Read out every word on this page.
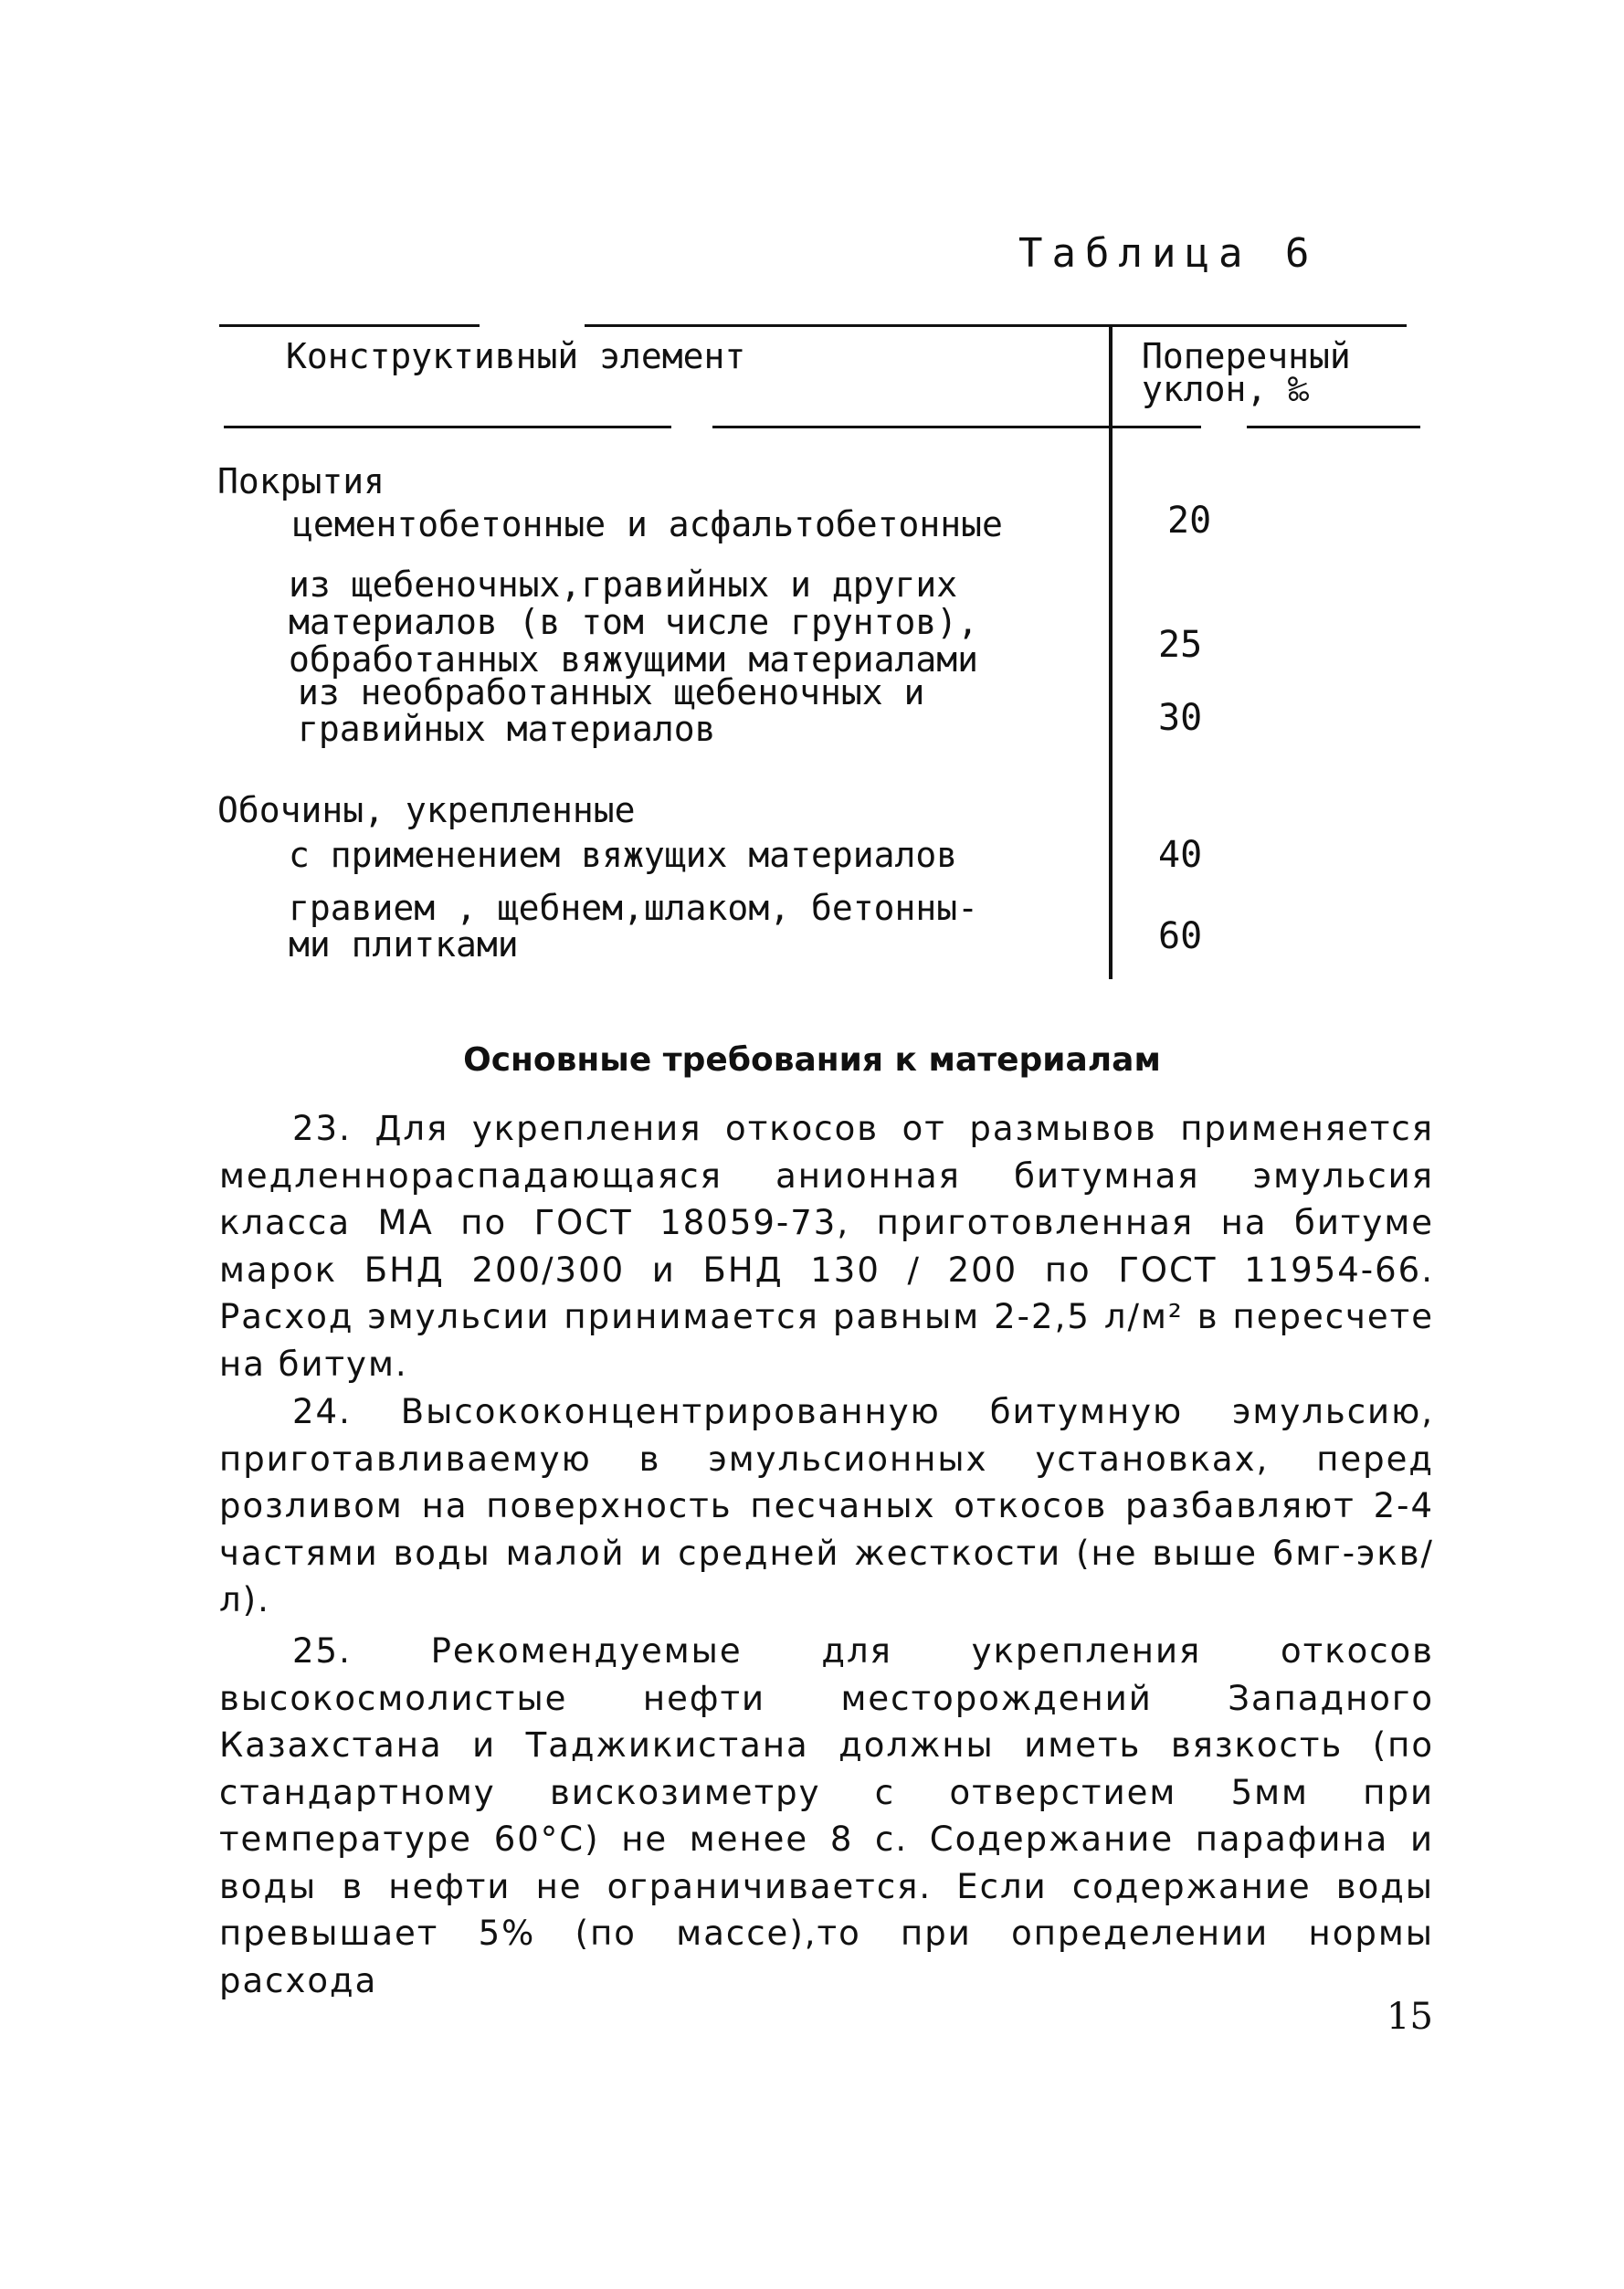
Таблица 6
Конструктивный элемент	Поперечный
уклон, ‰
Покрытия
цементобетонные и асфальтобетонные	20
из щебеночных,гравийных и других
материалов (в том числе грунтов),
обработанных вяжущими материалами	25
из необработанных щебеночных и
гравийных материалов	30
Обочины, укрепленные
с применением вяжущих материалов	40
гравием , щебнем,шлаком, бетонны-
ми плитками	60
Основные требования к материалам

23. Для укрепления откосов от размывов применяется медленнораспадающаяся анионная битумная эмульсия класса МА по ГОСТ 18059-73, приготовленная на битуме марок БНД 200/300 и БНД 130 / 200 по ГОСТ 11954-66. Расход эмульсии принимается равным 2-2,5 л/м² в пересчете на битум.

24. Высококонцентрированную битумную эмульсию, приготавливаемую в эмульсионных установках, перед розливом на поверхность песчаных откосов разбавляют 2-4 частями воды малой и средней жесткости (не выше 6мг-экв/л).

25. Рекомендуемые для укрепления откосов высокосмолистые нефти месторождений Западного Казахстана и Таджикистана должны иметь вязкость (по стандартному вискозиметру с отверстием 5мм при температуре 60°С) не менее 8 с. Содержание парафина и воды в нефти не ограничивается. Если содержание воды превышает 5% (по массе),то при определении нормы расхода

15
